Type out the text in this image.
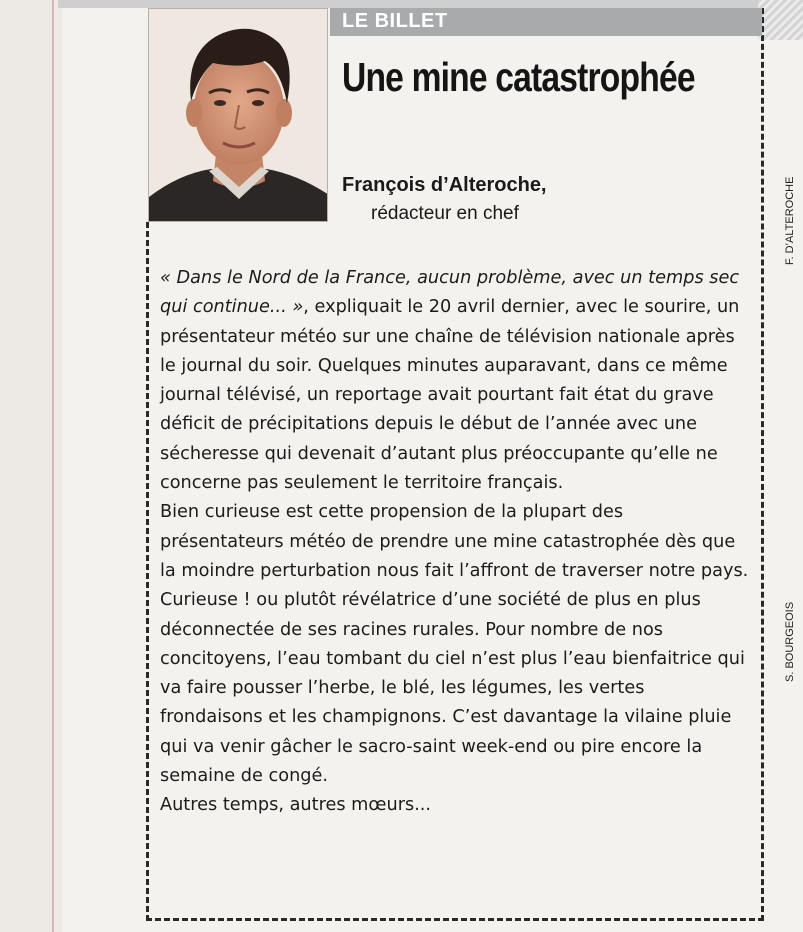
LE BILLET
Une mine catastrophée
François d’Alteroche,
rédacteur en chef

« Dans le Nord de la France, aucun problème, avec un temps sec qui continue... », expliquait le 20 avril dernier, avec le sourire, un présentateur météo sur une chaîne de télévision nationale après le journal du soir. Quelques minutes auparavant, dans ce même journal télévisé, un reportage avait pourtant fait état du grave déficit de précipitations depuis le début de l’année avec une sécheresse qui devenait d’autant plus préoccupante qu’elle ne concerne pas seulement le territoire français.

Bien curieuse est cette propension de la plupart des présentateurs météo de prendre une mine catastrophée dès que la moindre perturbation nous fait l’affront de traverser notre pays. Curieuse ! ou plutôt révélatrice d’une société de plus en plus déconnectée de ses racines rurales. Pour nombre de nos concitoyens, l’eau tombant du ciel n’est plus l’eau bienfaitrice qui va faire pousser l’herbe, le blé, les légumes, les vertes frondaisons et les champignons. C’est davantage la vilaine pluie qui va venir gâcher le sacro-saint week-end ou pire encore la semaine de congé.

Autres temps, autres mœurs...

F. D’ALTEROCHE
S. BOURGEOIS
